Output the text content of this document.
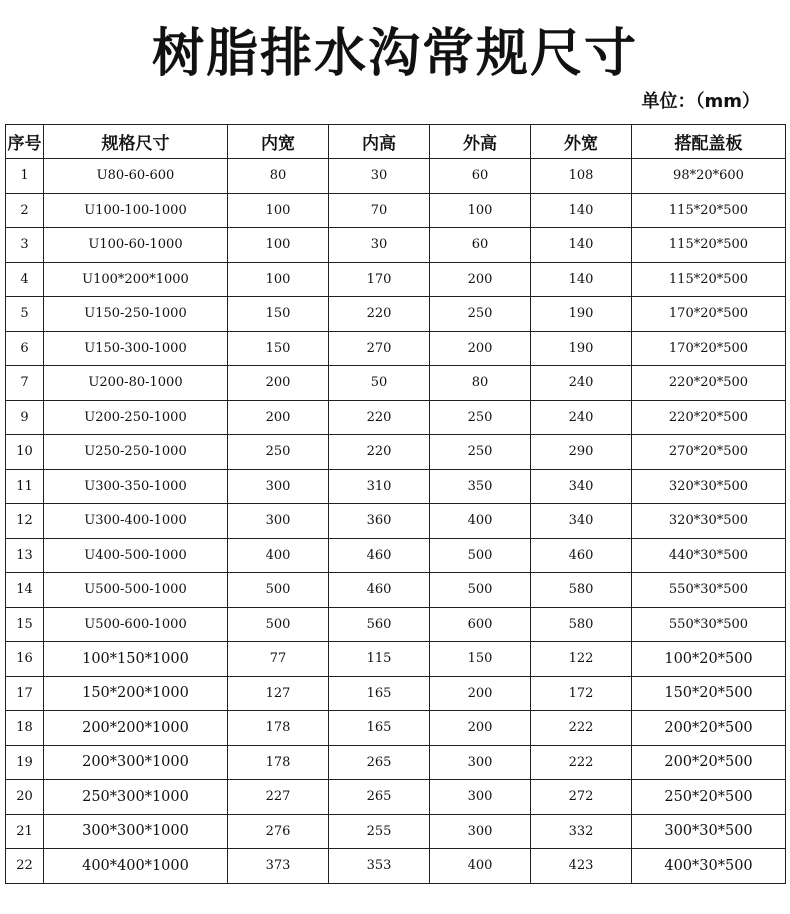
树脂排水沟常规尺寸
单位：（mm）
序号	规格尺寸	内宽	内高	外高	外宽	搭配盖板
1	U80-60-600	80	30	60	108	98*20*600
2	U100-100-1000	100	70	100	140	115*20*500
3	U100-60-1000	100	30	60	140	115*20*500
4	U100*200*1000	100	170	200	140	115*20*500
5	U150-250-1000	150	220	250	190	170*20*500
6	U150-300-1000	150	270	200	190	170*20*500
7	U200-80-1000	200	50	80	240	220*20*500
9	U200-250-1000	200	220	250	240	220*20*500
10	U250-250-1000	250	220	250	290	270*20*500
11	U300-350-1000	300	310	350	340	320*30*500
12	U300-400-1000	300	360	400	340	320*30*500
13	U400-500-1000	400	460	500	460	440*30*500
14	U500-500-1000	500	460	500	580	550*30*500
15	U500-600-1000	500	560	600	580	550*30*500
16	100*150*1000	77	115	150	122	100*20*500
17	150*200*1000	127	165	200	172	150*20*500
18	200*200*1000	178	165	200	222	200*20*500
19	200*300*1000	178	265	300	222	200*20*500
20	250*300*1000	227	265	300	272	250*20*500
21	300*300*1000	276	255	300	332	300*30*500
22	400*400*1000	373	353	400	423	400*30*500
